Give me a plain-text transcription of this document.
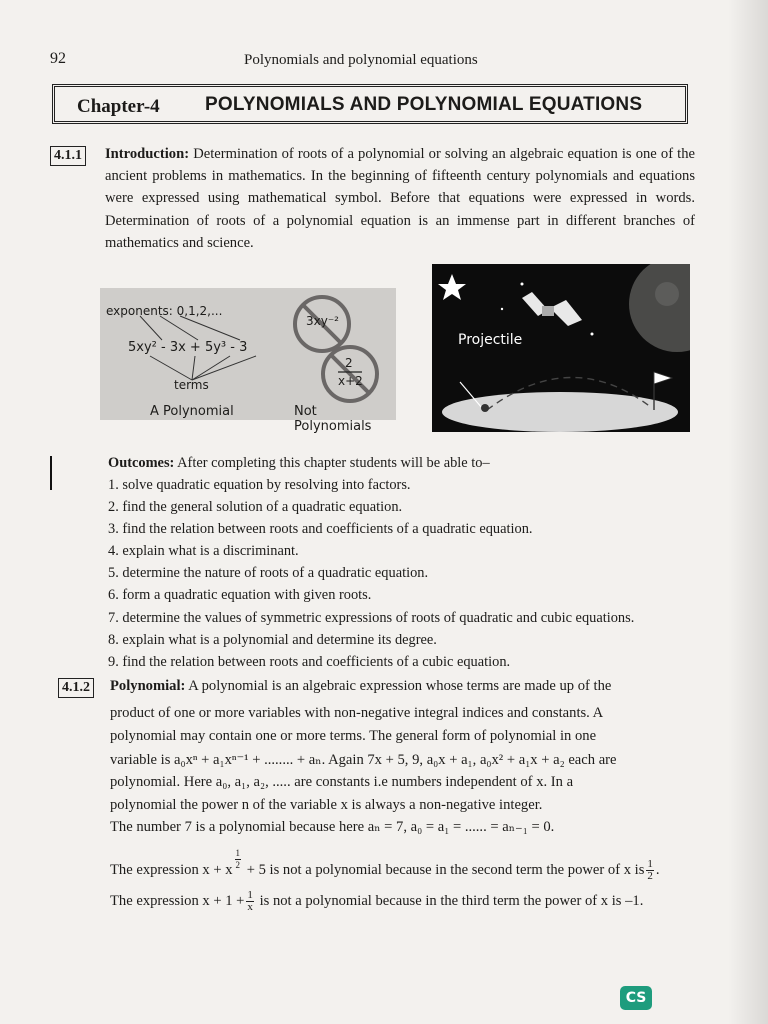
92	Polynomials and polynomial equations
Chapter-4 POLYNOMIALS AND POLYNOMIAL EQUATIONS
4.1.1 Introduction: Determination of roots of a polynomial or solving an algebraic equation is one of the ancient problems in mathematics. In the beginning of fifteenth century polynomials and equations were expressed using mathematical symbol. Before that equations were expressed in words. Determination of roots of a polynomial equation is an immense part in different branches of mathematics and science.
exponents: 0,1,2,...
5xy² - 3x + 5y³ - 3
terms
A Polynomial
3xy⁻²
2
x+2
Not Polynomials
Projectile
Outcomes: After completing this chapter students will be able to–
1. solve quadratic equation by resolving into factors.
2. find the general solution of a quadratic equation.
3. find the relation between roots and coefficients of a quadratic equation.
4. explain what is a discriminant.
5. determine the nature of roots of a quadratic equation.
6. form a quadratic equation with given roots.
7. determine the values of symmetric expressions of roots of quadratic and cubic equations.
8. explain what is a polynomial and determine its degree.
9. find the relation between roots and coefficients of a cubic equation.
4.1.2 Polynomial: A polynomial is an algebraic expression whose terms are made up of the
product of one or more variables with non-negative integral indices and constants. A
polynomial may contain one or more terms. The general form of polynomial in one
variable is a₀xⁿ + a₁xⁿ⁻¹ + ........ + aₙ. Again 7x + 5, 9, a₀x + a₁, a₀x² + a₁x + a₂ each are
polynomial. Here a₀, a₁, a₂, ..... are constants i.e numbers independent of x. In a
polynomial the power n of the variable x is always a non-negative integer.
The number 7 is a polynomial because here aₙ = 7, a₀ = a₁ = ...... = aₙ₋₁ = 0.
The expression x + x $\frac{1}{2} + 5$ is not a polynomial because in the second term the power of x is $\frac{1}{2}$ .
The expression $x + 1 + \frac{1}{x}$ is not a polynomial because in the third term the power of x is –1.
CS
